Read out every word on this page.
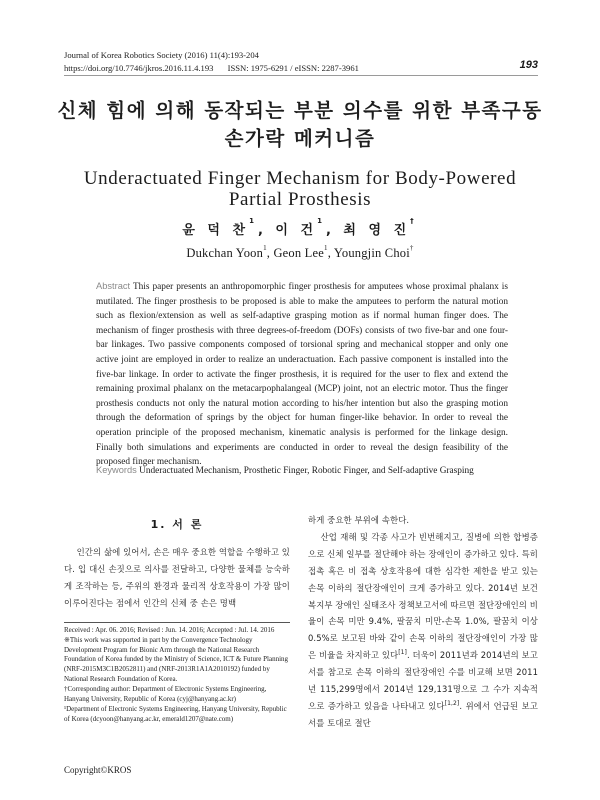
Journal of Korea Robotics Society (2016) 11(4):193-204
https://doi.org/10.7746/jkros.2016.11.4.193 ISSN: 1975-6291 / eISSN: 2287-3961	193
신체 힘에 의해 동작되는 부분 의수를 위한 부족구동
손가락 메커니즘
Underactuated Finger Mechanism for Body-Powered
Partial Prosthesis
윤 덕 찬$^1$, 이 건$^1$, 최 영 진†
Dukchan Yoon$^1$, Geon Lee$^1$, Youngjin Choi†
Abstract This paper presents an anthropomorphic finger prosthesis for amputees whose proximal phalanx is mutilated. The finger prosthesis to be proposed is able to make the amputees to perform the natural motion such as flexion/extension as well as self-adaptive grasping motion as if normal human finger does. The mechanism of finger prosthesis with three degrees-of-freedom (DOFs) consists of two five-bar and one four-bar linkages. Two passive components composed of torsional spring and mechanical stopper and only one active joint are employed in order to realize an underactuation. Each passive component is installed into the five-bar linkage. In order to activate the finger prosthesis, it is required for the user to flex and extend the remaining proximal phalanx on the metacarpophalangeal (MCP) joint, not an electric motor. Thus the finger prosthesis conducts not only the natural motion according to his/her intention but also the grasping motion through the deformation of springs by the object for human finger-like behavior. In order to reveal the operation principle of the proposed mechanism, kinematic analysis is performed for the linkage design. Finally both simulations and experiments are conducted in order to reveal the design feasibility of the proposed finger mechanism.
Keywords Underactuated Mechanism, Prosthetic Finger, Robotic Finger, and Self-adaptive Grasping
1. 서 론

인간의 삶에 있어서, 손은 매우 중요한 역할을 수행하고 있다. 입 대신 손짓으로 의사를 전달하고, 다양한 물체를 능숙하게 조작하는 등, 주위의 환경과 물리적 상호작용이 가장 많이 이루어진다는 점에서 인간의 신체 중 손은 명백

Received : Apr. 06. 2016; Revised : Jun. 14. 2016; Accepted : Jul. 14. 2016
※This work was supported in part by the Convergence Technology Development Program for Bionic Arm through the National Research Foundation of Korea funded by the Ministry of Science, ICT & Future Planning (NRF-2015M3C1B2052811) and (NRF-2013R1A1A2010192) funded by National Research Foundation of Korea.
†Corresponding author: Department of Electronic Systems Engineering, Hanyang University, Republic of Korea (cyj@hanyang.ac.kr)
¹Department of Electronic Systems Engineering, Hanyang University, Republic of Korea (dcyoon@hanyang.ac.kr, emerald1207@nate.com)

하게 중요한 부위에 속한다.

산업 재해 및 각종 사고가 빈번해지고, 질병에 의한 합병증으로 신체 일부를 절단해야 하는 장애인이 증가하고 있다. 특히 접촉 혹은 비 접촉 상호작용에 대한 심각한 제한을 받고 있는 손목 이하의 절단장애인이 크게 증가하고 있다. 2014년 보건복지부 장애인 실태조사 정책보고서에 따르면 절단장애인의 비율이 손목 미만 9.4%, 팔꿈치 미만-손목 1.0%, 팔꿈치 이상 0.5%로 보고된 바와 같이 손목 이하의 절단장애인이 가장 많은 비율을 차지하고 있다[1]. 더욱이 2011년과 2014년의 보고서를 참고로 손목 이하의 절단장애인 수를 비교해 보면 2011년 115,299명에서 2014년 129,131명으로 그 수가 지속적으로 증가하고 있음을 나타내고 있다[1,2]. 위에서 언급된 보고서를 토대로 절단

Copyright©KROS
